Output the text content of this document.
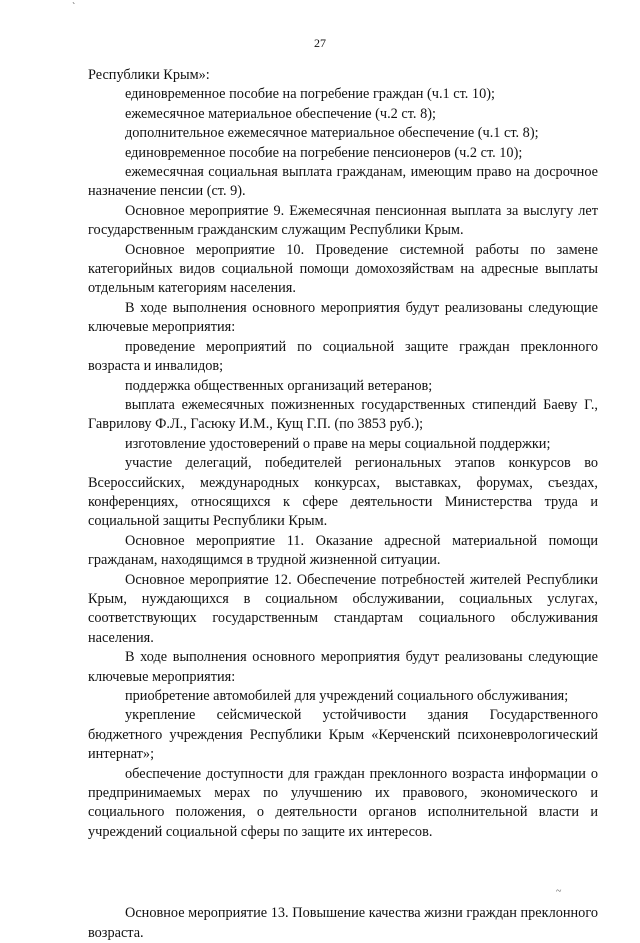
`
27

Республики Крым»:

единовременное пособие на погребение граждан (ч.1 ст. 10);

ежемесячное материальное обеспечение (ч.2 ст. 8);

дополнительное ежемесячное материальное обеспечение (ч.1 ст. 8);

единовременное пособие на погребение пенсионеров (ч.2 ст. 10);

ежемесячная социальная выплата гражданам, имеющим право на досрочное назначение пенсии (ст. 9).

Основное мероприятие 9. Ежемесячная пенсионная выплата за выслугу лет государственным гражданским служащим Республики Крым.

Основное мероприятие 10. Проведение системной работы по замене категорийных видов социальной помощи домохозяйствам на адресные выплаты отдельным категориям населения.

В ходе выполнения основного мероприятия будут реализованы следующие ключевые мероприятия:

проведение мероприятий по социальной защите граждан преклонного возраста и инвалидов;

поддержка общественных организаций ветеранов;

выплата ежемесячных пожизненных государственных стипендий Баеву Г., Гаврилову Ф.Л., Гасюку И.М., Кущ Г.П. (по 3853 руб.);

изготовление удостоверений о праве на меры социальной поддержки;

участие делегаций, победителей региональных этапов конкурсов во Всероссийских, международных конкурсах, выставках, форумах, съездах, конференциях, относящихся к сфере деятельности Министерства труда и социальной защиты Республики Крым.

Основное мероприятие 11. Оказание адресной материальной помощи гражданам, находящимся в трудной жизненной ситуации.

Основное мероприятие 12. Обеспечение потребностей жителей Республики Крым, нуждающихся в социальном обслуживании, социальных услугах, соответствующих государственным стандартам социального обслуживания населения.

В ходе выполнения основного мероприятия будут реализованы следующие ключевые мероприятия:

приобретение автомобилей для учреждений социального обслуживания;

укрепление сейсмической устойчивости здания Государственного бюджетного учреждения Республики Крым «Керченский психоневрологический интернат»;

обеспечение доступности для граждан преклонного возраста информации о предпринимаемых мерах по улучшению их правового, экономического и социального положения, о деятельности органов исполнительной власти и учреждений социальной сферы по защите их интересов.

Основное мероприятие 13. Повышение качества жизни граждан преклонного возраста.

~
